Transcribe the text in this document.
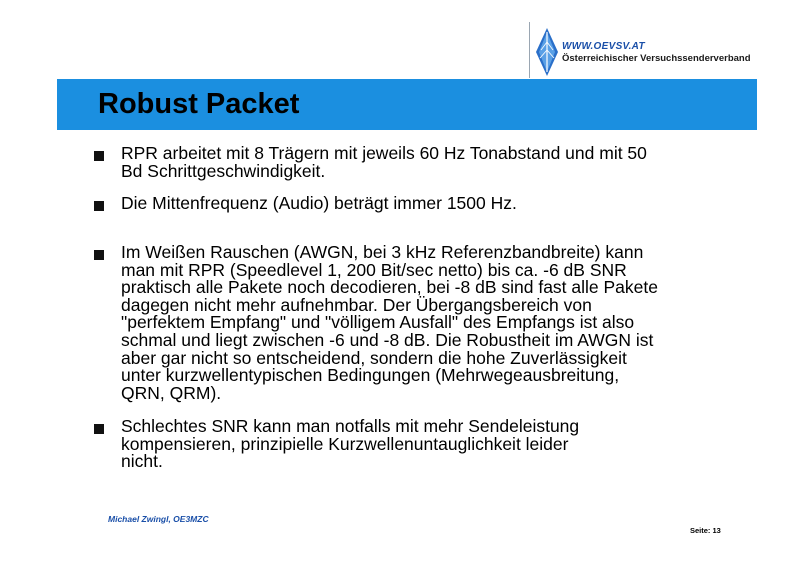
WWW.OEVSV.AT
Österreichischer Versuchssenderverband
Robust Packet
RPR arbeitet mit 8 Trägern mit jeweils 60 Hz Tonabstand und mit 50
Bd Schrittgeschwindigkeit.
Die Mittenfrequenz (Audio) beträgt immer 1500 Hz.
Im Weißen Rauschen (AWGN, bei 3 kHz Referenzbandbreite) kann
man mit RPR (Speedlevel 1, 200 Bit/sec netto) bis ca. -6 dB SNR
praktisch alle Pakete noch decodieren, bei -8 dB sind fast alle Pakete
dagegen nicht mehr aufnehmbar. Der Übergangsbereich von
"perfektem Empfang" und "völligem Ausfall" des Empfangs ist also
schmal und liegt zwischen -6 und -8 dB. Die Robustheit im AWGN ist
aber gar nicht so entscheidend, sondern die hohe Zuverlässigkeit
unter kurzwellentypischen Bedingungen (Mehrwegeausbreitung,
QRN, QRM).
Schlechtes SNR kann man notfalls mit mehr Sendeleistung
kompensieren, prinzipielle Kurzwellenuntauglichkeit leider
nicht.
Michael Zwingl, OE3MZC
Seite: 13
